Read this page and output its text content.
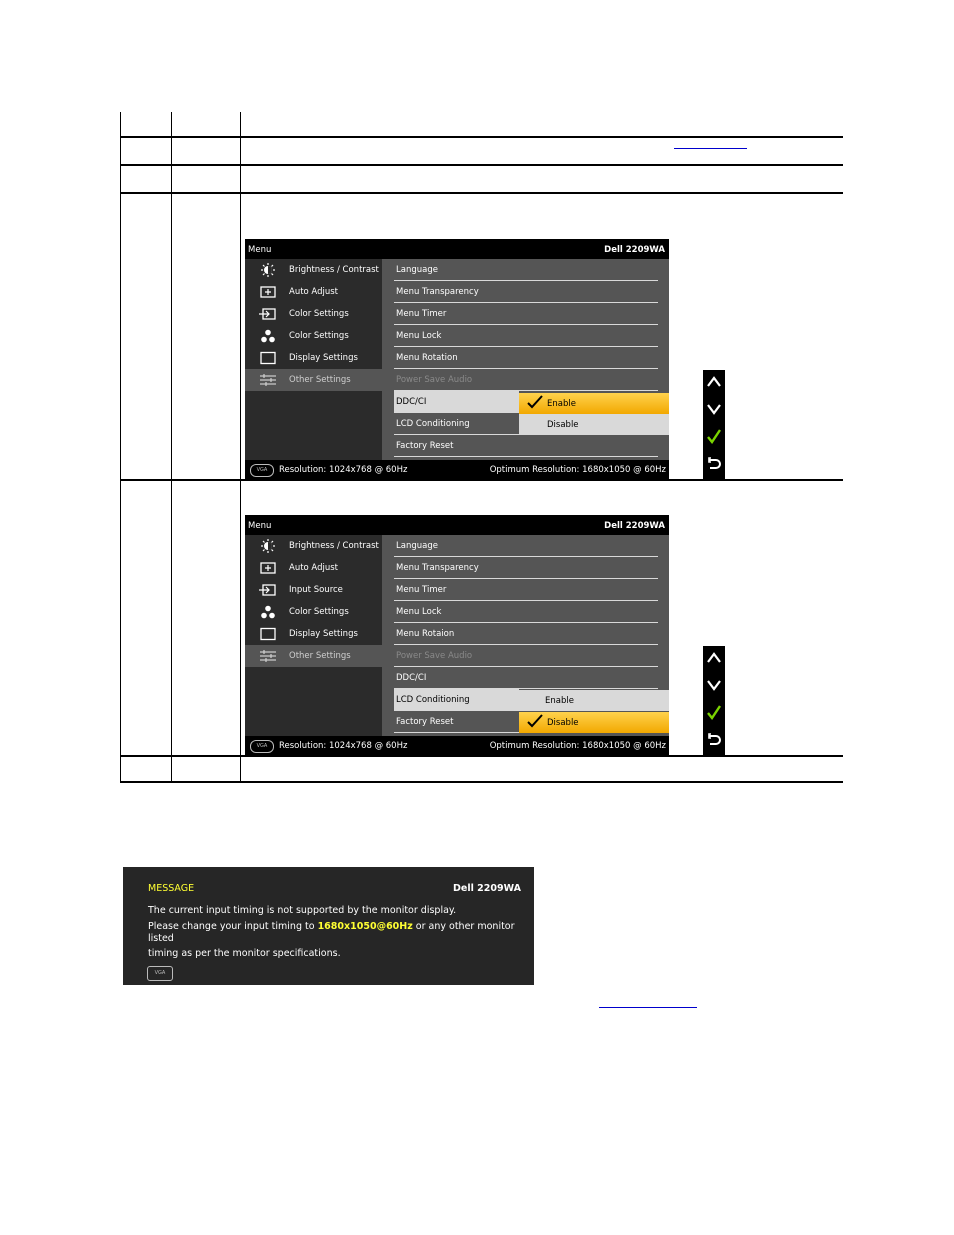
Menu	Dell 2209WA
Brightness / Contrast
Auto Adjust
Color Settings
Color Settings
Display Settings
Other Settings
Language
Menu Transparency
Menu Timer
Menu Lock
Menu Rotation
Power Save Audio
DDC/CI
LCD Conditioning
Factory Reset
Enable
Disable
VGA	Resolution: 1024x768 @ 60Hz	Optimum Resolution: 1680x1050 @ 60Hz
Menu	Dell 2209WA
Brightness / Contrast
Auto Adjust
Input Source
Color Settings
Display Settings
Other Settings
Language
Menu Transparency
Menu Timer
Menu Lock
Menu Rotaion
Power Save Audio
DDC/CI
LCD Conditioning
Factory Reset
Enable
Disable
VGA	Resolution: 1024x768 @ 60Hz	Optimum Resolution: 1680x1050 @ 60Hz
MESSAGE	Dell 2209WA
The current input timing is not supported by the monitor display.
Please change your input timing to 1680x1050@60Hz or any other monitor
listed
timing as per the monitor specifications.
VGA
